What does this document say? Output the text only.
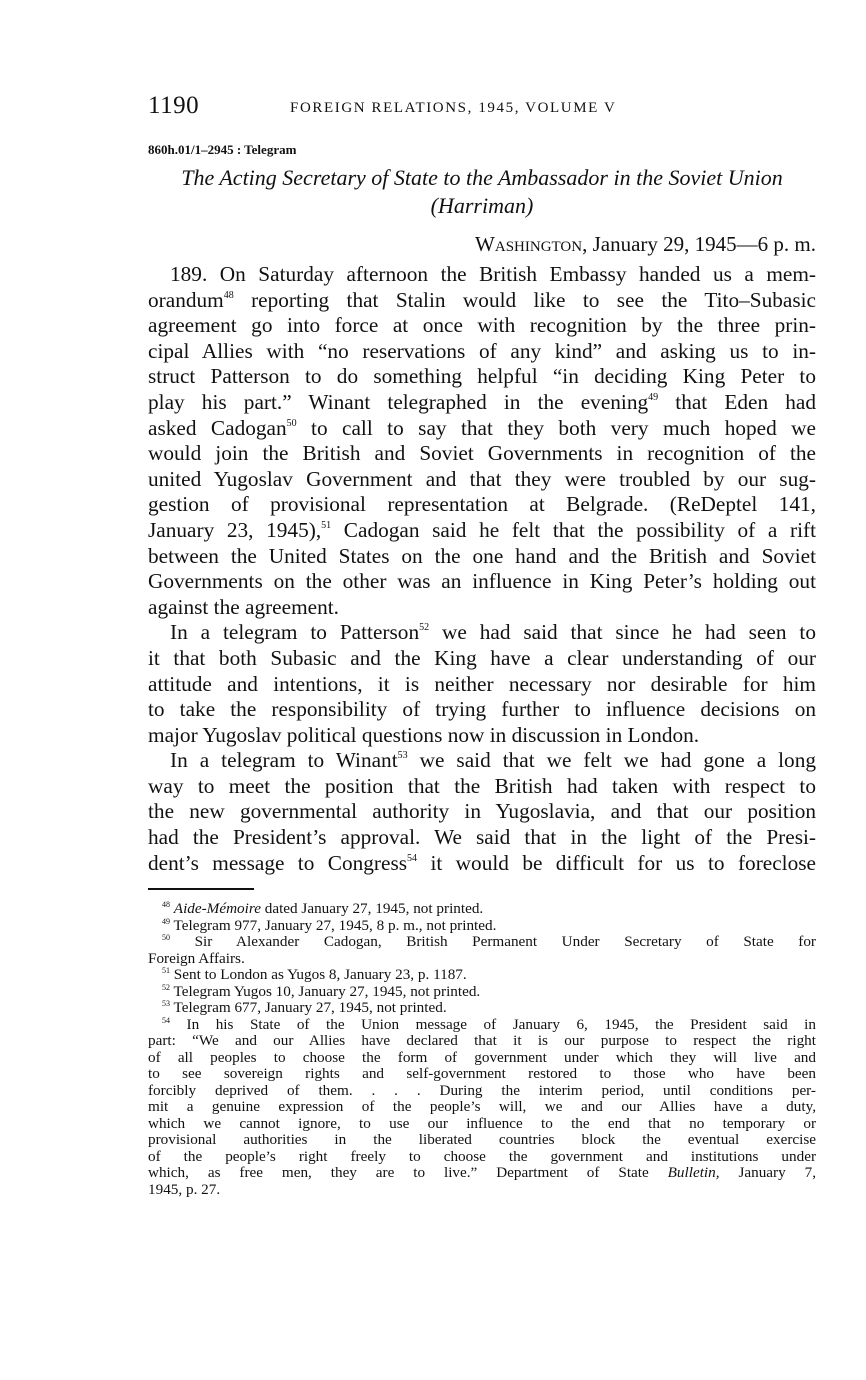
1190	FOREIGN RELATIONS, 1945, VOLUME V
860h.01/1–2945 : Telegram
The Acting Secretary of State to the Ambassador in the Soviet Union
(Harriman)
Washington, January 29, 1945—6 p. m.
189. On Saturday afternoon the British Embassy handed us a mem-
orandum$^{48}$ reporting that Stalin would like to see the Tito–Subasic
agreement go into force at once with recognition by the three prin-
cipal Allies with “no reservations of any kind” and asking us to in-
struct Patterson to do something helpful “in deciding King Peter to
play his part.” Winant telegraphed in the evening$^{49}$ that Eden had
asked Cadogan$^{50}$ to call to say that they both very much hoped we
would join the British and Soviet Governments in recognition of the
united Yugoslav Government and that they were troubled by our sug-
gestion of provisional representation at Belgrade. (ReDeptel 141,
January 23, 1945),$^{51}$ Cadogan said he felt that the possibility of a rift
between the United States on the one hand and the British and Soviet
Governments on the other was an influence in King Peter’s holding out
against the agreement.
In a telegram to Patterson$^{52}$ we had said that since he had seen to
it that both Subasic and the King have a clear understanding of our
attitude and intentions, it is neither necessary nor desirable for him
to take the responsibility of trying further to influence decisions on
major Yugoslav political questions now in discussion in London.
In a telegram to Winant$^{53}$ we said that we felt we had gone a long
way to meet the position that the British had taken with respect to
the new governmental authority in Yugoslavia, and that our position
had the President’s approval. We said that in the light of the Presi-
dent’s message to Congress$^{54}$ it would be difficult for us to foreclose
$^{48}$ Aide-Mémoire dated January 27, 1945, not printed.
$^{49}$ Telegram 977, January 27, 1945, 8 p. m., not printed.
$^{50}$ Sir Alexander Cadogan, British Permanent Under Secretary of State for
Foreign Affairs.
$^{51}$ Sent to London as Yugos 8, January 23, p. 1187.
$^{52}$ Telegram Yugos 10, January 27, 1945, not printed.
$^{53}$ Telegram 677, January 27, 1945, not printed.
$^{54}$ In his State of the Union message of January 6, 1945, the President said in
part: “We and our Allies have declared that it is our purpose to respect the right
of all peoples to choose the form of government under which they will live and
to see sovereign rights and self-government restored to those who have been
forcibly deprived of them. . . . During the interim period, until conditions per-
mit a genuine expression of the people’s will, we and our Allies have a duty,
which we cannot ignore, to use our influence to the end that no temporary or
provisional authorities in the liberated countries block the eventual exercise
of the people’s right freely to choose the government and institutions under
which, as free men, they are to live.” Department of State Bulletin, January 7,
1945, p. 27.
